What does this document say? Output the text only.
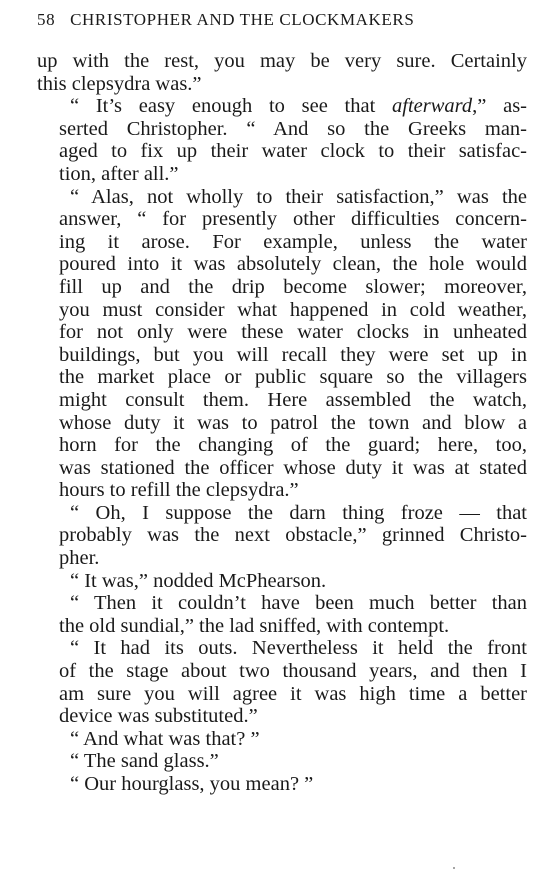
58 CHRISTOPHER AND THE CLOCKMAKERS

up with the rest, you may be very sure. Certainly
this clepsydra was.”

“ It’s easy enough to see that afterward,” as-
serted Christopher. “ And so the Greeks man-
aged to fix up their water clock to their satisfac-
tion, after all.”

“ Alas, not wholly to their satisfaction,” was the
answer, “ for presently other difficulties concern-
ing it arose. For example, unless the water
poured into it was absolutely clean, the hole would
fill up and the drip become slower; moreover,
you must consider what happened in cold weather,
for not only were these water clocks in unheated
buildings, but you will recall they were set up in
the market place or public square so the villagers
might consult them. Here assembled the watch,
whose duty it was to patrol the town and blow a
horn for the changing of the guard; here, too,
was stationed the officer whose duty it was at stated
hours to refill the clepsydra.”

“ Oh, I suppose the darn thing froze — that
probably was the next obstacle,” grinned Christo-
pher.

“ It was,” nodded McPhearson.

“ Then it couldn’t have been much better than
the old sundial,” the lad sniffed, with contempt.

“ It had its outs. Nevertheless it held the front
of the stage about two thousand years, and then I
am sure you will agree it was high time a better
device was substituted.”

“ And what was that? ”

“ The sand glass.”

“ Our hourglass, you mean? ”
